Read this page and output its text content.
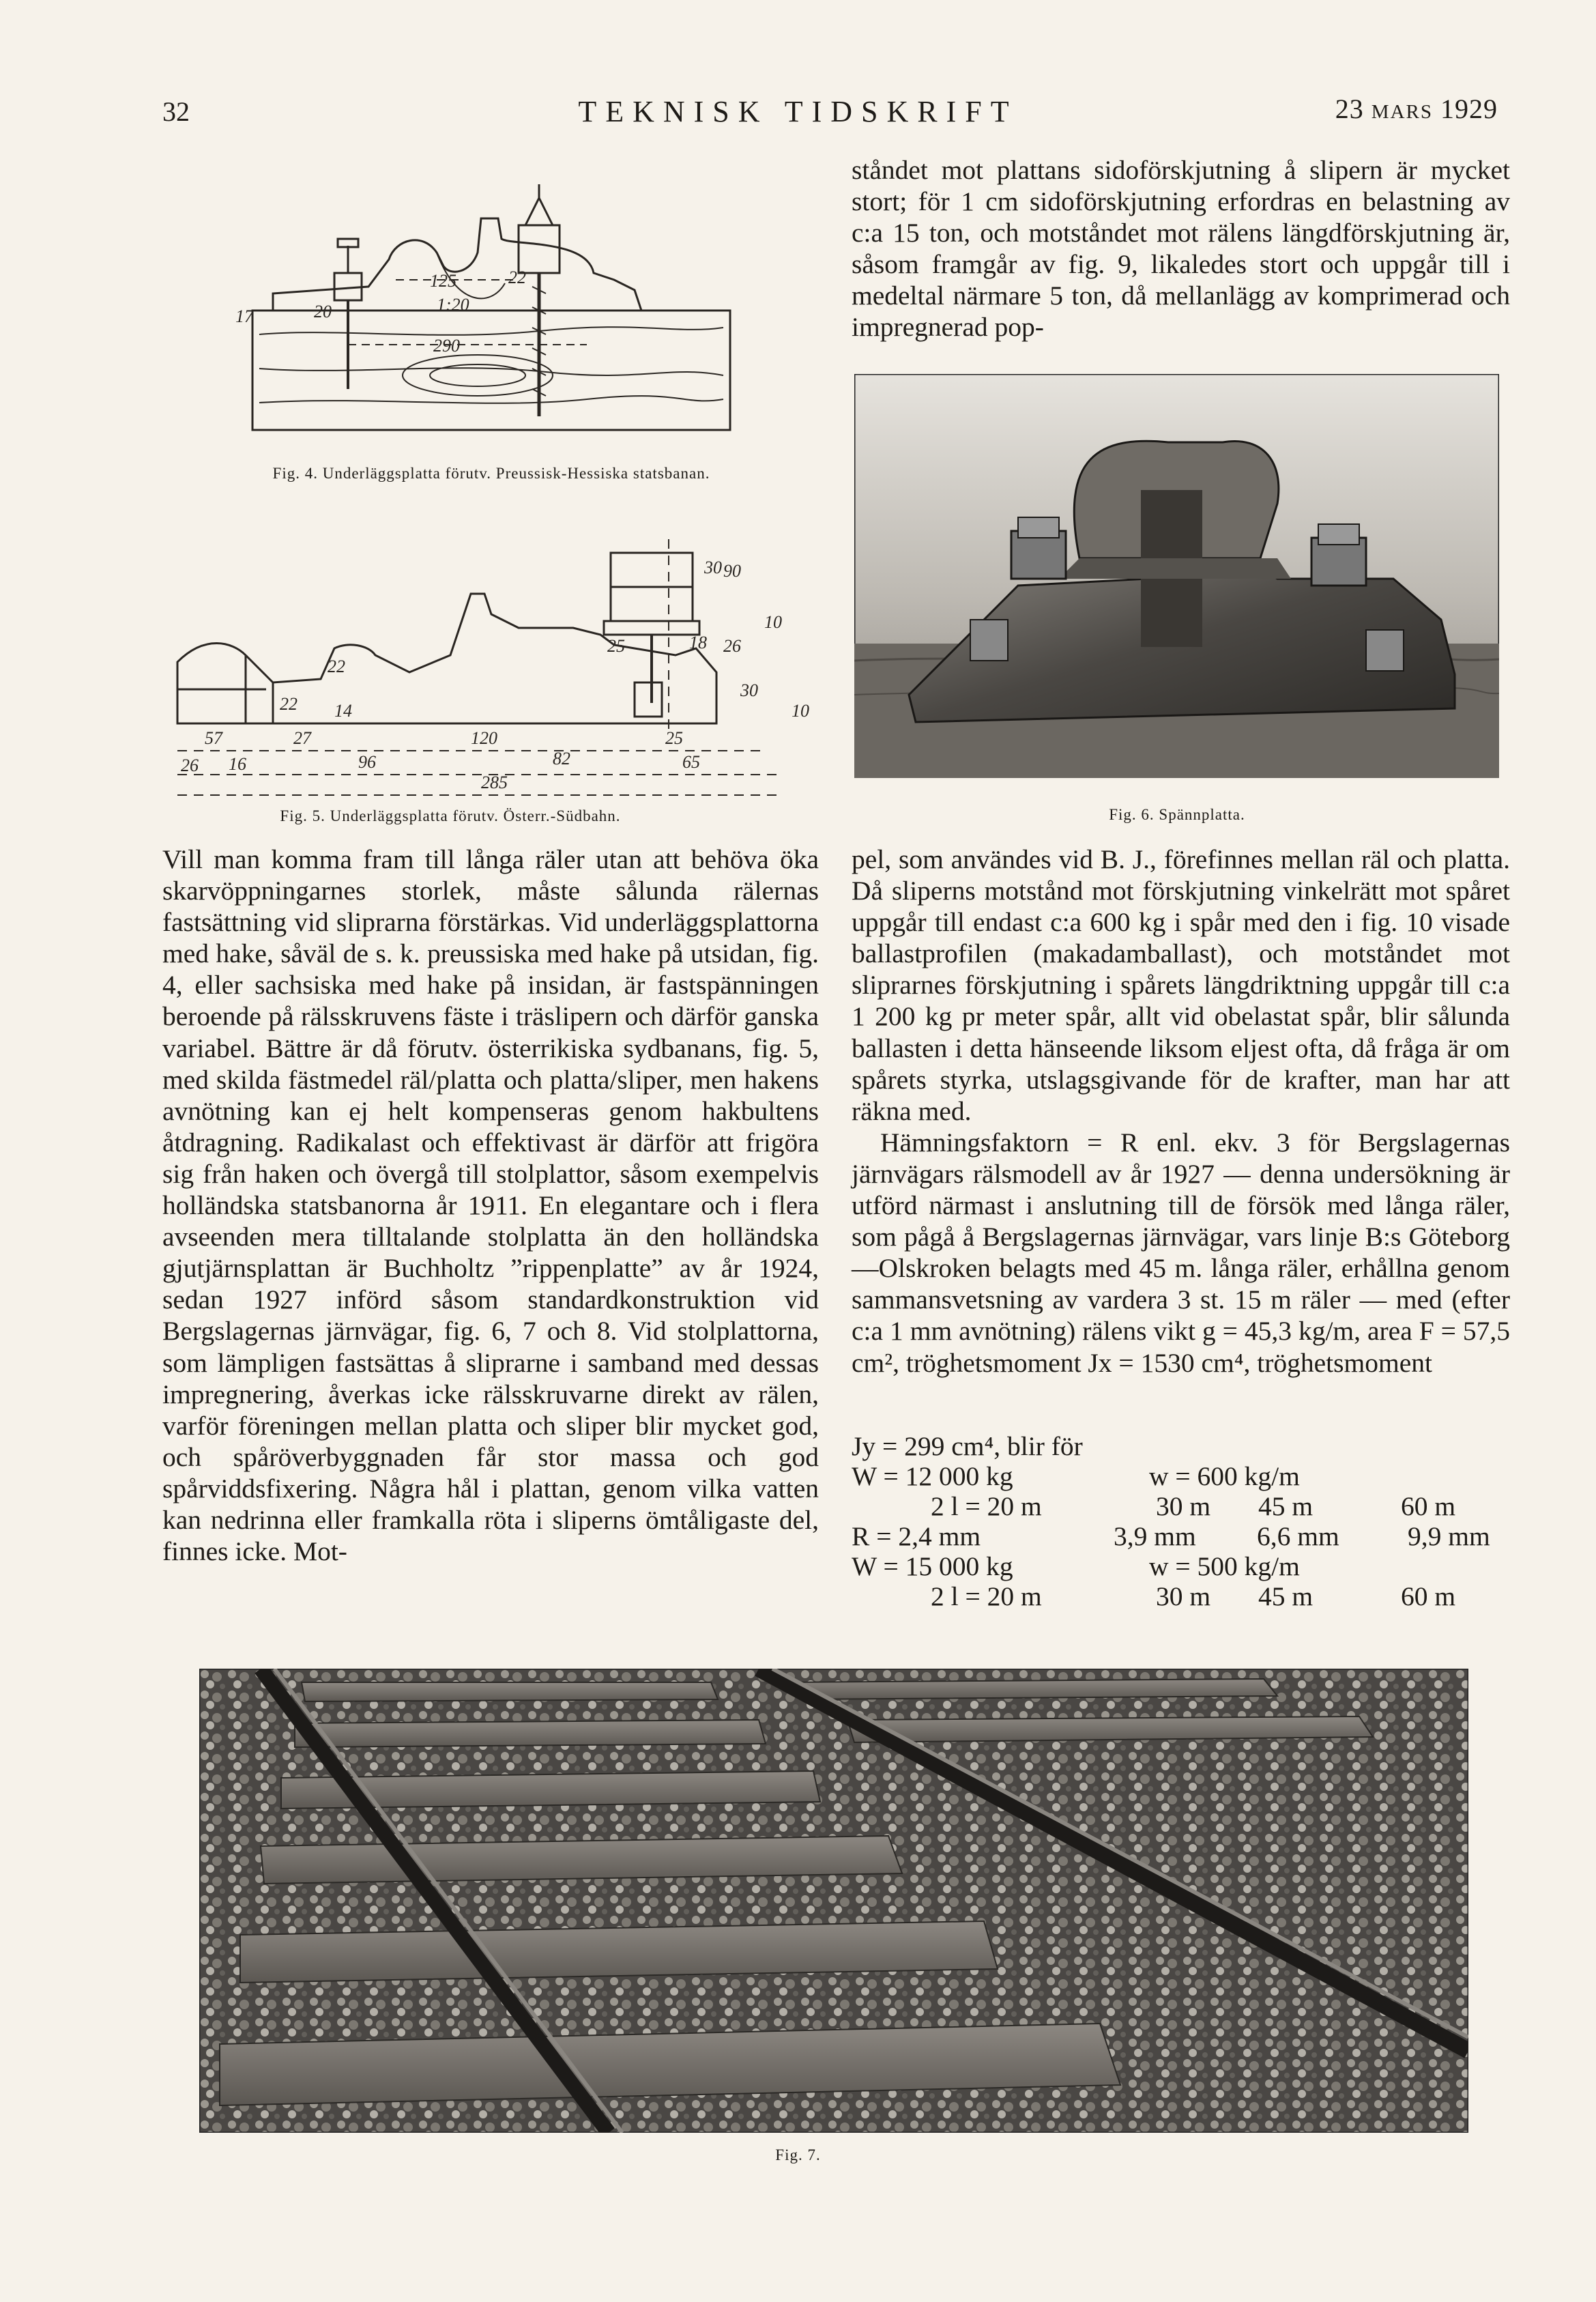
32	TEKNISK TIDSKRIFT	23 MARS 1929

ståndet mot plattans sidoförskjutning å slipern är mycket stort; för 1 cm sidoförskjutning erfordras en belastning av c:a 15 ton, och motståndet mot rälens längdförskjutning är, såsom framgår av fig. 9, likaledes stort och uppgår till i medeltal närmare 5 ton, då mellanlägg av komprimerad och impregnerad pop-

125
1:20
290
17	20
22
Fig. 4. Underläggsplatta förutv. Preussisk-Hessiska statsbanan.
30 90
10
25	18 26
22
22 14
30
10
57	27	120	25
26 16	96	82	65
285
Fig. 5. Underläggsplatta förutv. Österr.-Südbahn.	Fig. 6. Spännplatta.

Vill man komma fram till långa räler utan att behöva öka skarvöppningarnes storlek, måste sålunda rälernas fastsättning vid sliprarna förstärkas. Vid underläggsplattorna med hake, såväl de s. k. preussiska med hake på utsidan, fig. 4, eller sachsiska med hake på insidan, är fastspänningen beroende på rälsskruvens fäste i träslipern och därför ganska variabel. Bättre är då förutv. österrikiska sydbanans, fig. 5, med skilda fästmedel räl/platta och platta/sliper, men hakens avnötning kan ej helt kompenseras genom hakbultens åtdragning. Radikalast och effektivast är därför att frigöra sig från haken och övergå till stolplattor, såsom exempelvis holländska statsbanorna år 1911. En elegantare och i flera avseenden mera tilltalande stolplatta än den holländska gjutjärnsplattan är Buchholtz ”rippenplatte” av år 1924, sedan 1927 införd såsom standardkonstruktion vid Bergslagernas järnvägar, fig. 6, 7 och 8. Vid stolplattorna, som lämpligen fastsättas å sliprarne i samband med dessas impregnering, åverkas icke rälsskruvarne direkt av rälen, varför föreningen mellan platta och sliper blir mycket god, och spåröverbyggnaden får stor massa och god spårviddsfixering. Några hål i plattan, genom vilka vatten kan nedrinna eller framkalla röta i sliperns ömtåligaste del, finnes icke. Mot-

pel, som användes vid B. J., förefinnes mellan räl och platta. Då sliperns motstånd mot förskjutning vinkelrätt mot spåret uppgår till endast c:a 600 kg i spår med den i fig. 10 visade ballastprofilen (makadamballast), och motståndet mot sliprarnes förskjutning i spårets längdriktning uppgår till c:a 1 200 kg pr meter spår, allt vid obelastat spår, blir sålunda ballasten i detta hänseende liksom eljest ofta, då fråga är om spårets styrka, utslagsgivande för de krafter, man har att räkna med.

Hämningsfaktorn = R enl. ekv. 3 för Bergslagernas järnvägars rälsmodell av år 1927 — denna undersökning är utförd närmast i anslutning till de försök med långa räler, som pågå å Bergslagernas järnvägar, vars linje B:s Göteborg—Olskroken belagts med 45 m. långa räler, erhållna genom sammansvetsning av vardera 3 st. 15 m räler — med (efter c:a 1 mm avnötning) rälens vikt g = 45,3 kg/m, area F = 57,5 cm², tröghetsmoment Jx = 1530 cm⁴, tröghetsmoment

Jy = 299 cm⁴, blir för
W = 12 000 kg	w = 600 kg/m
2 l = 20 m	30 m 45 m	60 m
R = 2,4 mm	3,9 mm 6,6 mm	9,9 mm
W = 15 000 kg	w = 500 kg/m
2 l = 20 m	30 m 45 m	60 m
Fig. 7.
